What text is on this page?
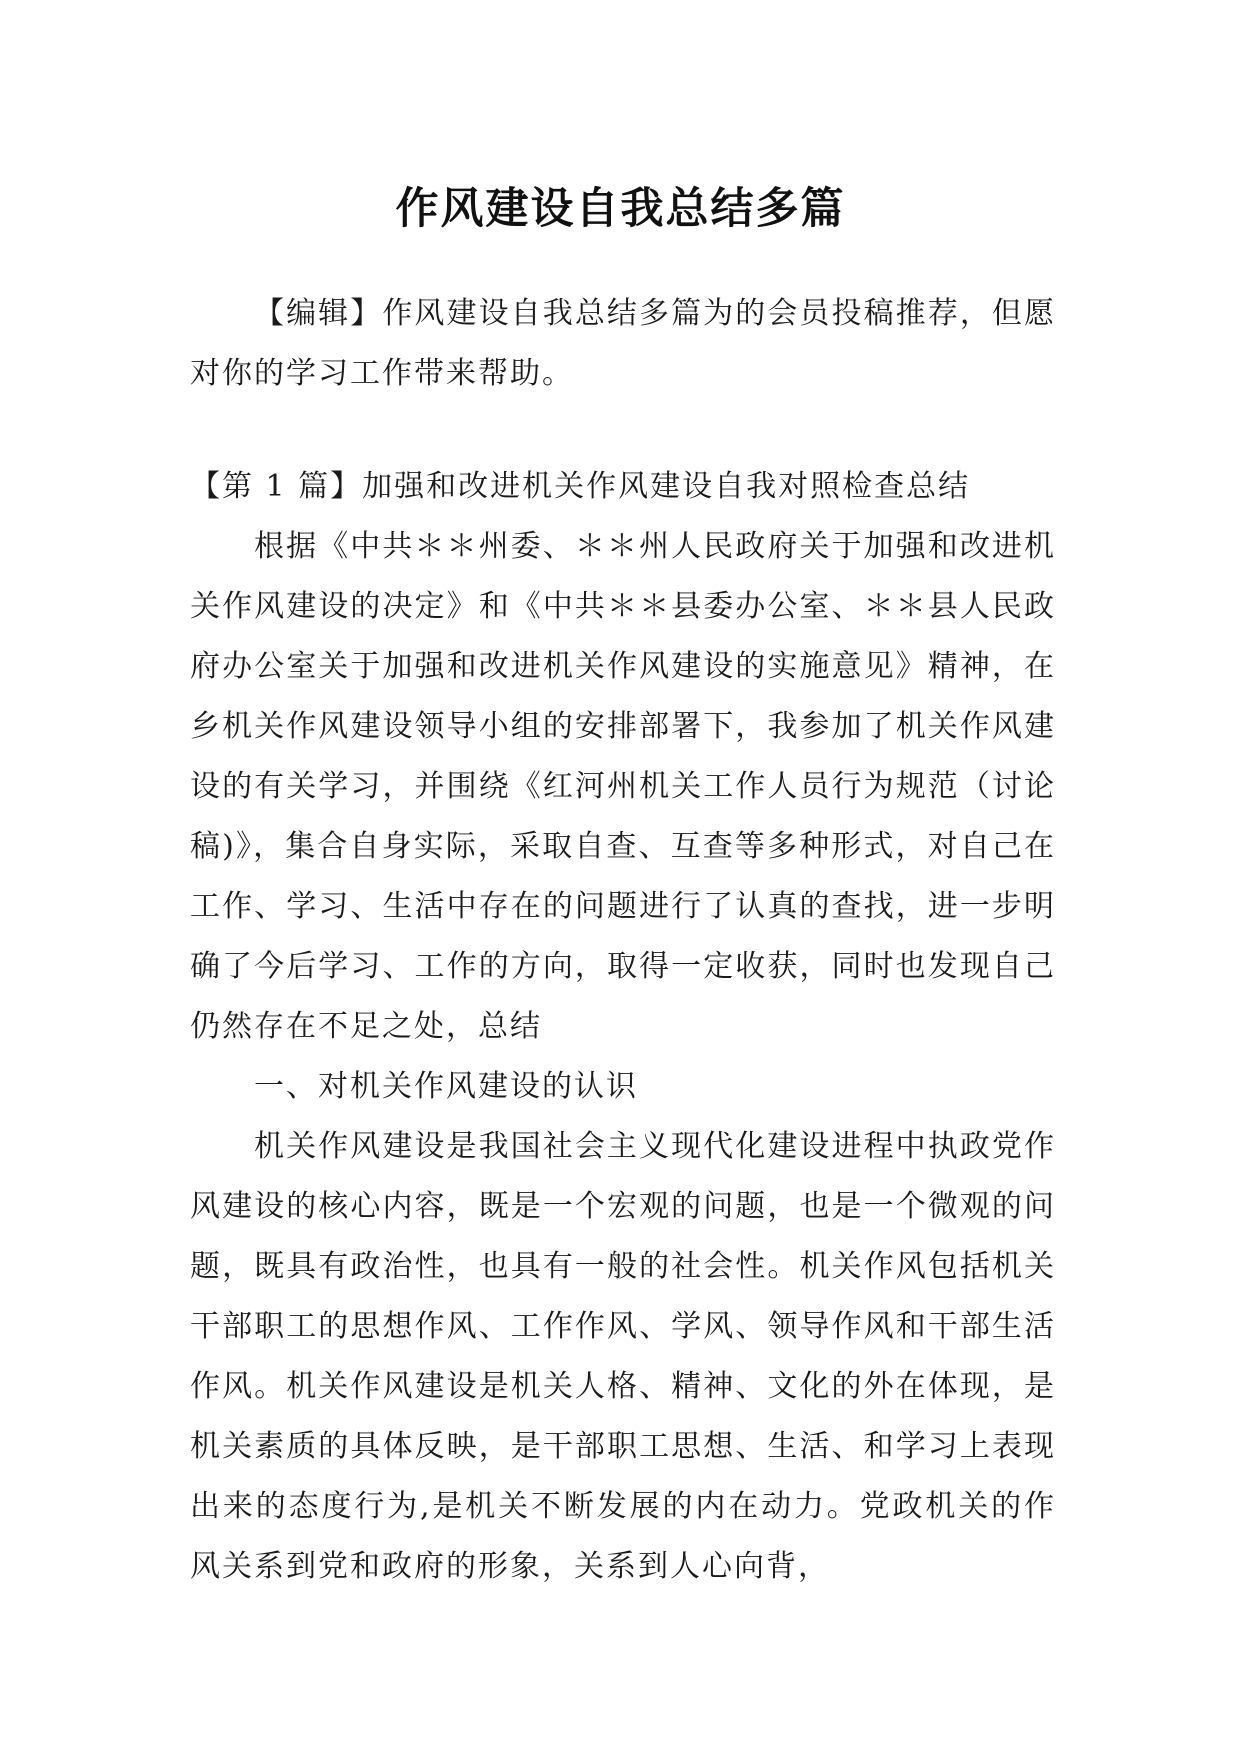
作风建设自我总结多篇

【编辑】作风建设自我总结多篇为的会员投稿推荐，但愿对你的学习工作带来帮助。

【第 1 篇】加强和改进机关作风建设自我对照检查总结

根据《中共＊＊州委、＊＊州人民政府关于加强和改进机关作风建设的决定》和《中共＊＊县委办公室、＊＊县人民政府办公室关于加强和改进机关作风建设的实施意见》精神，在乡机关作风建设领导小组的安排部署下，我参加了机关作风建设的有关学习，并围绕《红河州机关工作人员行为规范（讨论稿)》，集合自身实际，采取自查、互查等多种形式，对自己在工作、学习、生活中存在的问题进行了认真的查找，进一步明确了今后学习、工作的方向，取得一定收获，同时也发现自己仍然存在不足之处，总结

一、对机关作风建设的认识

机关作风建设是我国社会主义现代化建设进程中执政党作风建设的核心内容，既是一个宏观的问题，也是一个微观的问题，既具有政治性，也具有一般的社会性。机关作风包括机关干部职工的思想作风、工作作风、学风、领导作风和干部生活作风。机关作风建设是机关人格、精神、文化的外在体现，是机关素质的具体反映，是干部职工思想、生活、和学习上表现出来的态度行为,是机关不断发展的内在动力。党政机关的作风关系到党和政府的形象，关系到人心向背，
